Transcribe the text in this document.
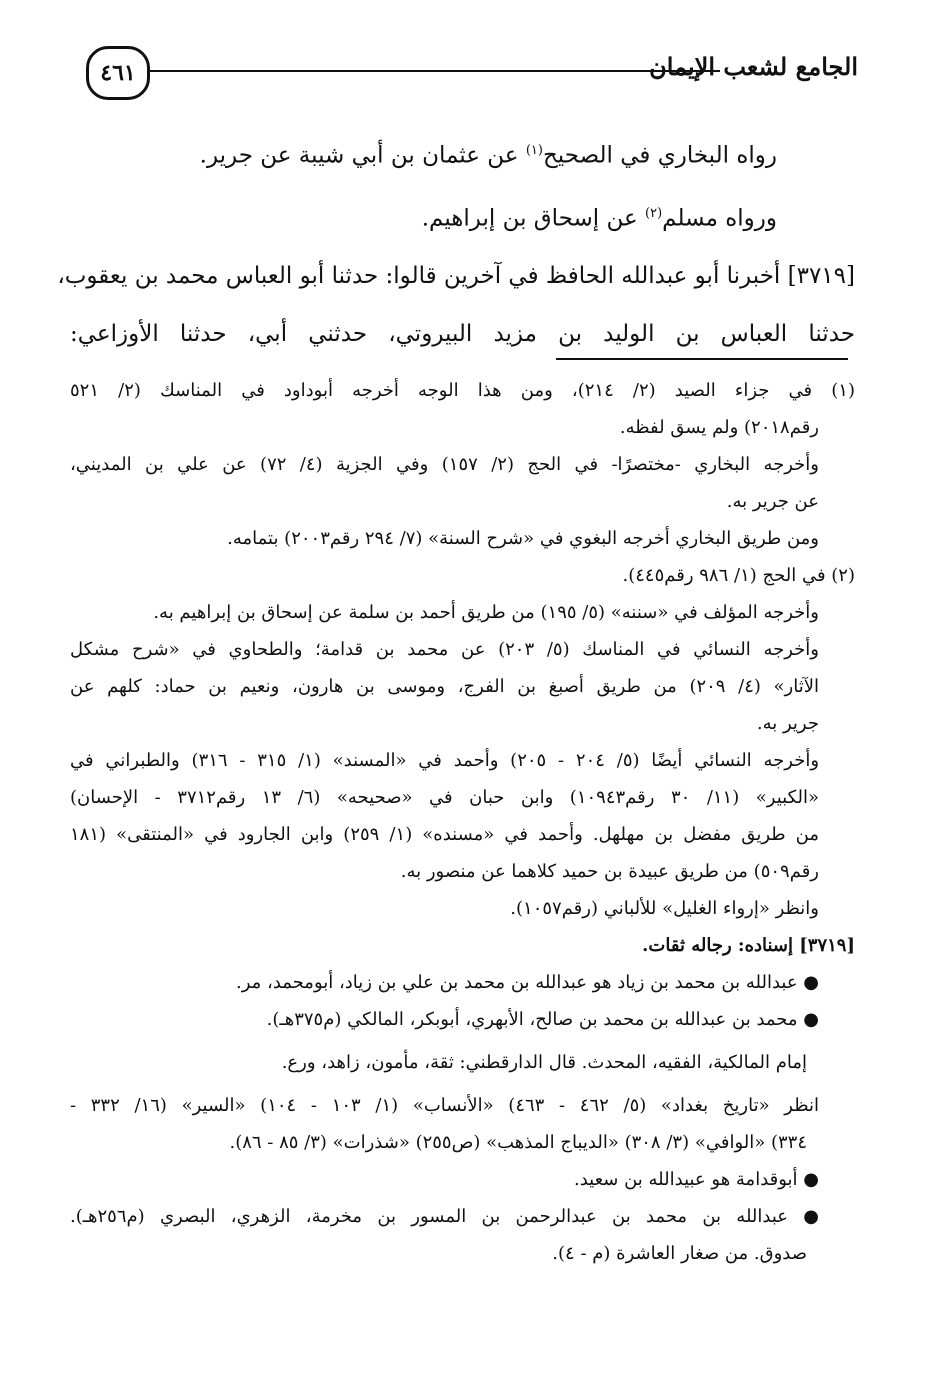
٤٦١	الجامع لشعب الإيمان
رواه البخاري في الصحيح$^{(١)}$ عن عثمان بن أبي شيبة عن جرير.
ورواه مسلم$^{(٢)}$ عن إسحاق بن إبراهيم.
[٣٧١٩] أخبرنا أبو عبدالله الحافظ في آخرين قالوا: حدثنا أبو العباس محمد بن يعقوب،
حدثنا العباس بن الوليد بن مزيد البيروتي، حدثني أبي، حدثنا الأوزاعي:
(١) في جزاء الصيد (٢/ ٢١٤)، ومن هذا الوجه أخرجه أبوداود في المناسك (٢/ ٥٢١
رقم٢٠١٨) ولم يسق لفظه.
وأخرجه البخاري -مختصرًا- في الحج (٢/ ١٥٧) وفي الجزية (٤/ ٧٢) عن علي بن المديني،
عن جرير به.
ومن طريق البخاري أخرجه البغوي في «شرح السنة» (٧/ ٢٩٤ رقم٢٠٠٣) بتمامه.
(٢) في الحج (١/ ٩٨٦ رقم٤٤٥).
وأخرجه المؤلف في «سننه» (٥/ ١٩٥) من طريق أحمد بن سلمة عن إسحاق بن إبراهيم به.
وأخرجه النسائي في المناسك (٥/ ٢٠٣) عن محمد بن قدامة؛ والطحاوي في «شرح مشكل
الآثار» (٤/ ٢٠٩) من طريق أصبغ بن الفرج، وموسى بن هارون، ونعيم بن حماد: كلهم عن
جرير به.
وأخرجه النسائي أيضًا (٥/ ٢٠٤ - ٢٠٥) وأحمد في «المسند» (١/ ٣١٥ - ٣١٦) والطبراني في
«الكبير» (١١/ ٣٠ رقم١٠٩٤٣) وابن حبان في «صحيحه» (٦/ ١٣ رقم٣٧١٢ - الإحسان)
من طريق مفضل بن مهلهل. وأحمد في «مسنده» (١/ ٢٥٩) وابن الجارود في «المنتقى» (١٨١
رقم٥٠٩) من طريق عبيدة بن حميد كلاهما عن منصور به.
وانظر «إرواء الغليل» للألباني (رقم١٠٥٧).
[٣٧١٩] إسناده: رجاله ثقات.
● عبدالله بن محمد بن زياد هو عبدالله بن محمد بن علي بن زياد، أبومحمد، مر.
● محمد بن عبدالله بن محمد بن صالح، الأبهري، أبوبكر، المالكي (م٣٧٥هـ).
إمام المالكية، الفقيه، المحدث. قال الدارقطني: ثقة، مأمون، زاهد، ورع.
انظر «تاريخ بغداد» (٥/ ٤٦٢ - ٤٦٣) «الأنساب» (١/ ١٠٣ - ١٠٤) «السير» (١٦/ ٣٣٢ -
٣٣٤) «الوافي» (٣/ ٣٠٨) «الديباج المذهب» (ص٢٥٥) «شذرات» (٣/ ٨٥ - ٨٦).
● أبوقدامة هو عبيدالله بن سعيد.
● عبدالله بن محمد بن عبدالرحمن بن المسور بن مخرمة، الزهري، البصري (م٢٥٦هـ).
صدوق. من صغار العاشرة (م - ٤).
